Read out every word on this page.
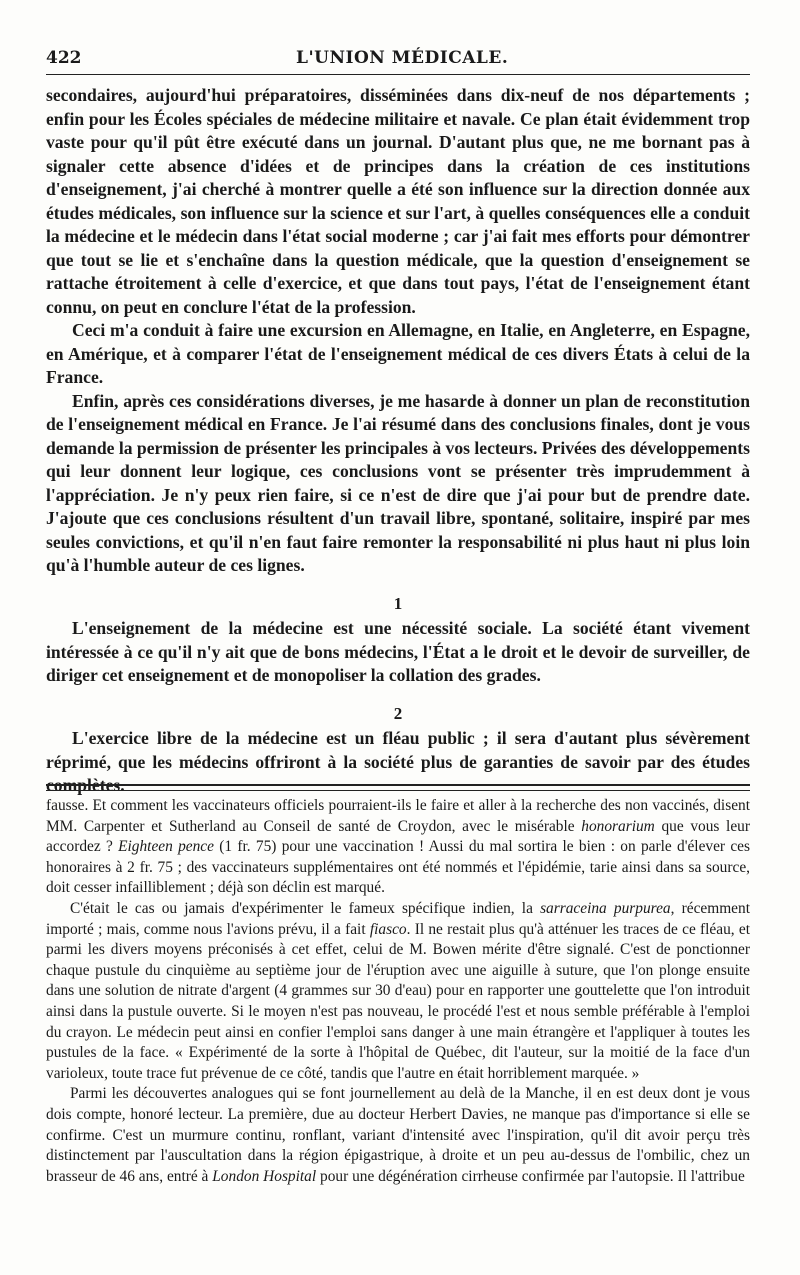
422	L'UNION MÉDICALE.

secondaires, aujourd'hui préparatoires, disséminées dans dix-neuf de nos départements ; enfin pour les Écoles spéciales de médecine militaire et navale. Ce plan était évidemment trop vaste pour qu'il pût être exécuté dans un journal. D'autant plus que, ne me bornant pas à signaler cette absence d'idées et de principes dans la création de ces institutions d'enseignement, j'ai cherché à montrer quelle a été son influence sur la direction donnée aux études médicales, son influence sur la science et sur l'art, à quelles conséquences elle a conduit la médecine et le médecin dans l'état social moderne ; car j'ai fait mes efforts pour démontrer que tout se lie et s'enchaîne dans la question médicale, que la question d'enseignement se rattache étroitement à celle d'exercice, et que dans tout pays, l'état de l'enseignement étant connu, on peut en conclure l'état de la profession.

Ceci m'a conduit à faire une excursion en Allemagne, en Italie, en Angleterre, en Espagne, en Amérique, et à comparer l'état de l'enseignement médical de ces divers États à celui de la France.

Enfin, après ces considérations diverses, je me hasarde à donner un plan de reconstitution de l'enseignement médical en France. Je l'ai résumé dans des conclusions finales, dont je vous demande la permission de présenter les principales à vos lecteurs. Privées des développements qui leur donnent leur logique, ces conclusions vont se présenter très imprudemment à l'appréciation. Je n'y peux rien faire, si ce n'est de dire que j'ai pour but de prendre date. J'ajoute que ces conclusions résultent d'un travail libre, spontané, solitaire, inspiré par mes seules convictions, et qu'il n'en faut faire remonter la responsabilité ni plus haut ni plus loin qu'à l'humble auteur de ces lignes.

1

L'enseignement de la médecine est une nécessité sociale. La société étant vivement intéressée à ce qu'il n'y ait que de bons médecins, l'État a le droit et le devoir de surveiller, de diriger cet enseignement et de monopoliser la collation des grades.

2

L'exercice libre de la médecine est un fléau public ; il sera d'autant plus sévèrement réprimé, que les médecins offriront à la société plus de garanties de savoir par des études complètes.

fausse. Et comment les vaccinateurs officiels pourraient-ils le faire et aller à la recherche des non vaccinés, disent MM. Carpenter et Sutherland au Conseil de santé de Croydon, avec le misérable honorarium que vous leur accordez ? Eighteen pence (1 fr. 75) pour une vaccination ! Aussi du mal sortira le bien : on parle d'élever ces honoraires à 2 fr. 75 ; des vaccinateurs supplémentaires ont été nommés et l'épidémie, tarie ainsi dans sa source, doit cesser infailliblement ; déjà son déclin est marqué.

C'était le cas ou jamais d'expérimenter le fameux spécifique indien, la sarraceina purpurea, récemment importé ; mais, comme nous l'avions prévu, il a fait fiasco. Il ne restait plus qu'à atténuer les traces de ce fléau, et parmi les divers moyens préconisés à cet effet, celui de M. Bowen mérite d'être signalé. C'est de ponctionner chaque pustule du cinquième au septième jour de l'éruption avec une aiguille à suture, que l'on plonge ensuite dans une solution de nitrate d'argent (4 grammes sur 30 d'eau) pour en rapporter une gouttelette que l'on introduit ainsi dans la pustule ouverte. Si le moyen n'est pas nouveau, le procédé l'est et nous semble préférable à l'emploi du crayon. Le médecin peut ainsi en confier l'emploi sans danger à une main étrangère et l'appliquer à toutes les pustules de la face. « Expérimenté de la sorte à l'hôpital de Québec, dit l'auteur, sur la moitié de la face d'un varioleux, toute trace fut prévenue de ce côté, tandis que l'autre en était horriblement marquée. »

Parmi les découvertes analogues qui se font journellement au delà de la Manche, il en est deux dont je vous dois compte, honoré lecteur. La première, due au docteur Herbert Davies, ne manque pas d'importance si elle se confirme. C'est un murmure continu, ronflant, variant d'intensité avec l'inspiration, qu'il dit avoir perçu très distinctement par l'auscultation dans la région épigastrique, à droite et un peu au-dessus de l'ombilic, chez un brasseur de 46 ans, entré à London Hospital pour une dégénération cirrheuse confirmée par l'autopsie. Il l'attribue
